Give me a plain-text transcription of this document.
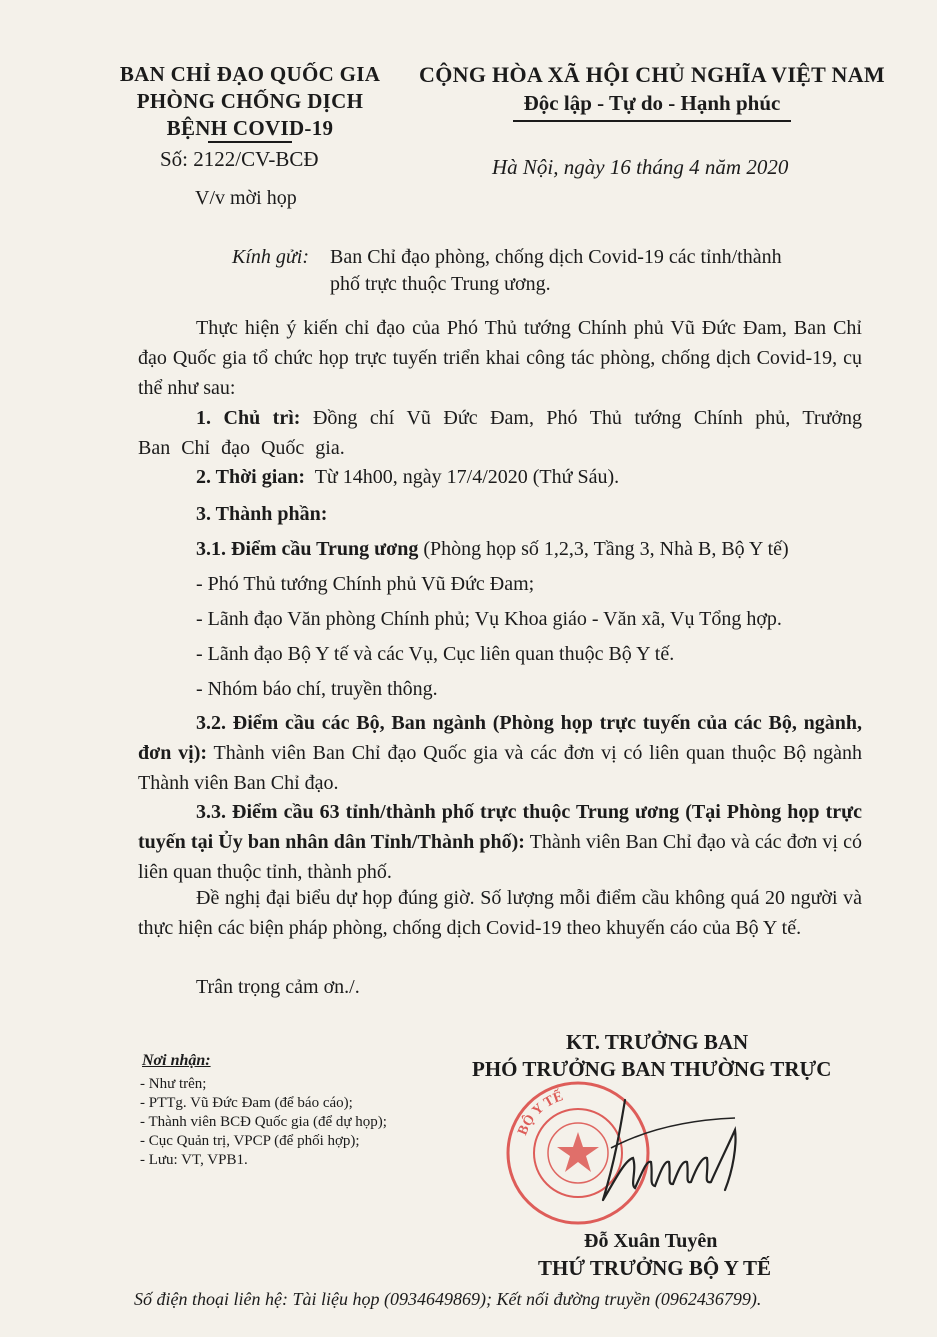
BAN CHỈ ĐẠO QUỐC GIA
PHÒNG CHỐNG DỊCH
BỆNH COVID-19
Số: 2122/CV-BCĐ
V/v mời họp
CỘNG HÒA XÃ HỘI CHỦ NGHĨA VIỆT NAM
Độc lập - Tự do - Hạnh phúc
Hà Nội, ngày 16 tháng 4 năm 2020
Kính gửi: Ban Chỉ đạo phòng, chống dịch Covid-19 các tỉnh/thành
phố trực thuộc Trung ương.
Thực hiện ý kiến chỉ đạo của Phó Thủ tướng Chính phủ Vũ Đức Đam, Ban Chỉ đạo Quốc gia tổ chức họp trực tuyến triển khai công tác phòng, chống dịch Covid-19, cụ thể như sau:
1. Chủ trì: Đồng chí Vũ Đức Đam, Phó Thủ tướng Chính phủ, Trưởng Ban Chỉ đạo Quốc gia.
2. Thời gian: Từ 14h00, ngày 17/4/2020 (Thứ Sáu).
3. Thành phần:
3.1. Điểm cầu Trung ương (Phòng họp số 1,2,3, Tầng 3, Nhà B, Bộ Y tế)
- Phó Thủ tướng Chính phủ Vũ Đức Đam;
- Lãnh đạo Văn phòng Chính phủ; Vụ Khoa giáo - Văn xã, Vụ Tổng hợp.
- Lãnh đạo Bộ Y tế và các Vụ, Cục liên quan thuộc Bộ Y tế.
- Nhóm báo chí, truyền thông.
3.2. Điểm cầu các Bộ, Ban ngành (Phòng họp trực tuyến của các Bộ, ngành, đơn vị): Thành viên Ban Chỉ đạo Quốc gia và các đơn vị có liên quan thuộc Bộ ngành Thành viên Ban Chỉ đạo.
3.3. Điểm cầu 63 tỉnh/thành phố trực thuộc Trung ương (Tại Phòng họp trực tuyến tại Ủy ban nhân dân Tỉnh/Thành phố): Thành viên Ban Chỉ đạo và các đơn vị có liên quan thuộc tỉnh, thành phố.
Đề nghị đại biểu dự họp đúng giờ. Số lượng mỗi điểm cầu không quá 20 người và thực hiện các biện pháp phòng, chống dịch Covid-19 theo khuyến cáo của Bộ Y tế.
Trân trọng cảm ơn./.
Nơi nhận:
- Như trên;
- PTTg. Vũ Đức Đam (để báo cáo);
- Thành viên BCĐ Quốc gia (để dự họp);
- Cục Quản trị, VPCP (để phối hợp);
- Lưu: VT, VPB1.
KT. TRƯỞNG BAN
PHÓ TRƯỞNG BAN THƯỜNG TRỰC
BỘ Y TẾ
Đỗ Xuân Tuyên
THỨ TRƯỞNG BỘ Y TẾ
Số điện thoại liên hệ: Tài liệu họp (0934649869); Kết nối đường truyền (0962436799).
